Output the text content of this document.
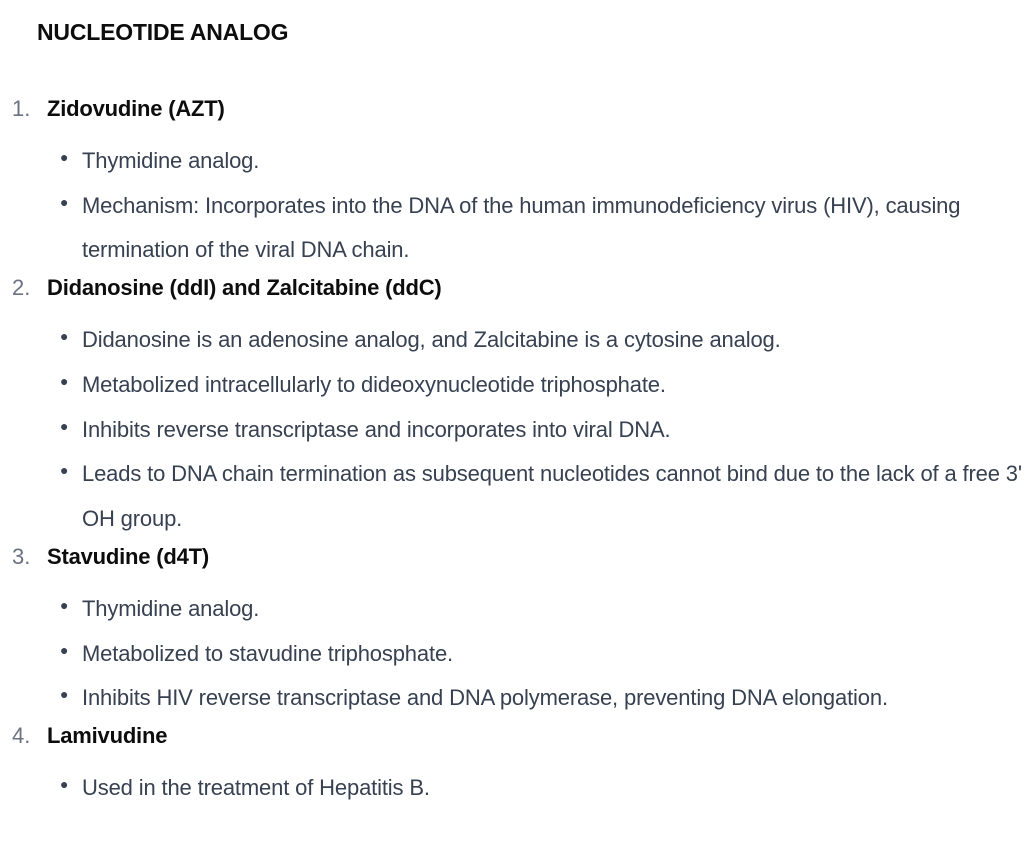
NUCLEOTIDE ANALOG
1. Zidovudine (AZT)
● Thymidine analog.
● Mechanism: Incorporates into the DNA of the human immunodeficiency virus (HIV), causing termination of the viral DNA chain.
2. Didanosine (ddI) and Zalcitabine (ddC)
● Didanosine is an adenosine analog, and Zalcitabine is a cytosine analog.
● Metabolized intracellularly to dideoxynucleotide triphosphate.
● Inhibits reverse transcriptase and incorporates into viral DNA.
● Leads to DNA chain termination as subsequent nucleotides cannot bind due to the lack of a free 3' OH group.
3. Stavudine (d4T)
● Thymidine analog.
● Metabolized to stavudine triphosphate.
● Inhibits HIV reverse transcriptase and DNA polymerase, preventing DNA elongation.
4. Lamivudine
● Used in the treatment of Hepatitis B.
